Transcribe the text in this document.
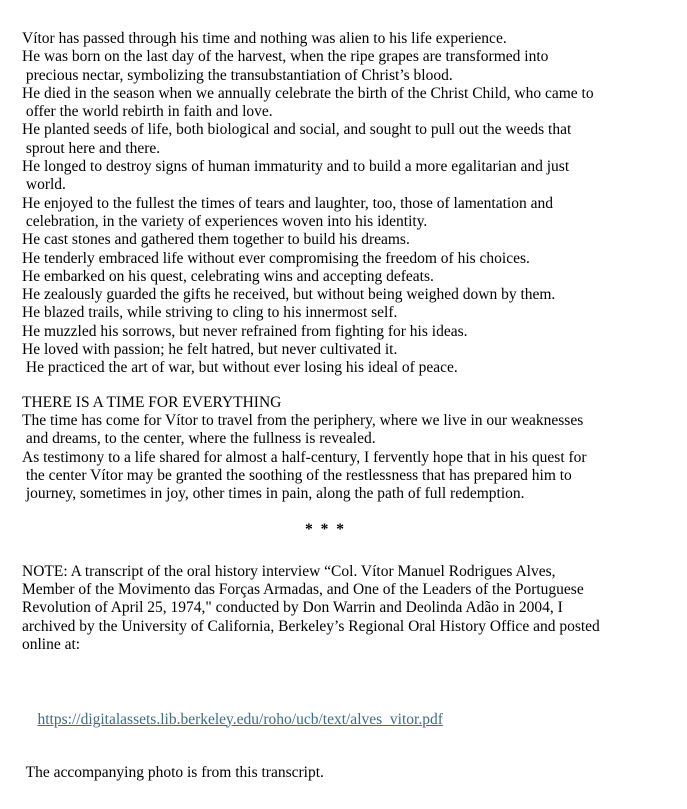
Vítor has passed through his time and nothing was alien to his life experience.
He was born on the last day of the harvest, when the ripe grapes are transformed into
precious nectar, symbolizing the transubstantiation of Christ’s blood.
He died in the season when we annually celebrate the birth of the Christ Child, who came to
offer the world rebirth in faith and love.
He planted seeds of life, both biological and social, and sought to pull out the weeds that
sprout here and there.
He longed to destroy signs of human immaturity and to build a more egalitarian and just
world.
He enjoyed to the fullest the times of tears and laughter, too, those of lamentation and
celebration, in the variety of experiences woven into his identity.
He cast stones and gathered them together to build his dreams.
He tenderly embraced life without ever compromising the freedom of his choices.
He embarked on his quest, celebrating wins and accepting defeats.
He zealously guarded the gifts he received, but without being weighed down by them.
He blazed trails, while striving to cling to his innermost self.
He muzzled his sorrows, but never refrained from fighting for his ideas.
He loved with passion; he felt hatred, but never cultivated it.
He practiced the art of war, but without ever losing his ideal of peace.
THERE IS A TIME FOR EVERYTHING
The time has come for Vítor to travel from the periphery, where we live in our weaknesses
and dreams, to the center, where the fullness is revealed.
As testimony to a life shared for almost a half-century, I fervently hope that in his quest for
the center Vítor may be granted the soothing of the restlessness that has prepared him to
journey, sometimes in joy, other times in pain, along the path of full redemption.
* * *
NOTE: A transcript of the oral history interview “Col. Vítor Manuel Rodrigues Alves,
Member of the Movimento das Forças Armadas, and One of the Leaders of the Portuguese
Revolution of April 25, 1974," conducted by Don Warrin and Deolinda Adão in 2004, I
archived by the University of California, Berkeley’s Regional Oral History Office and posted
online at:

https://digitalassets.lib.berkeley.edu/roho/ucb/text/alves_vitor.pdf

The accompanying photo is from this transcript.
